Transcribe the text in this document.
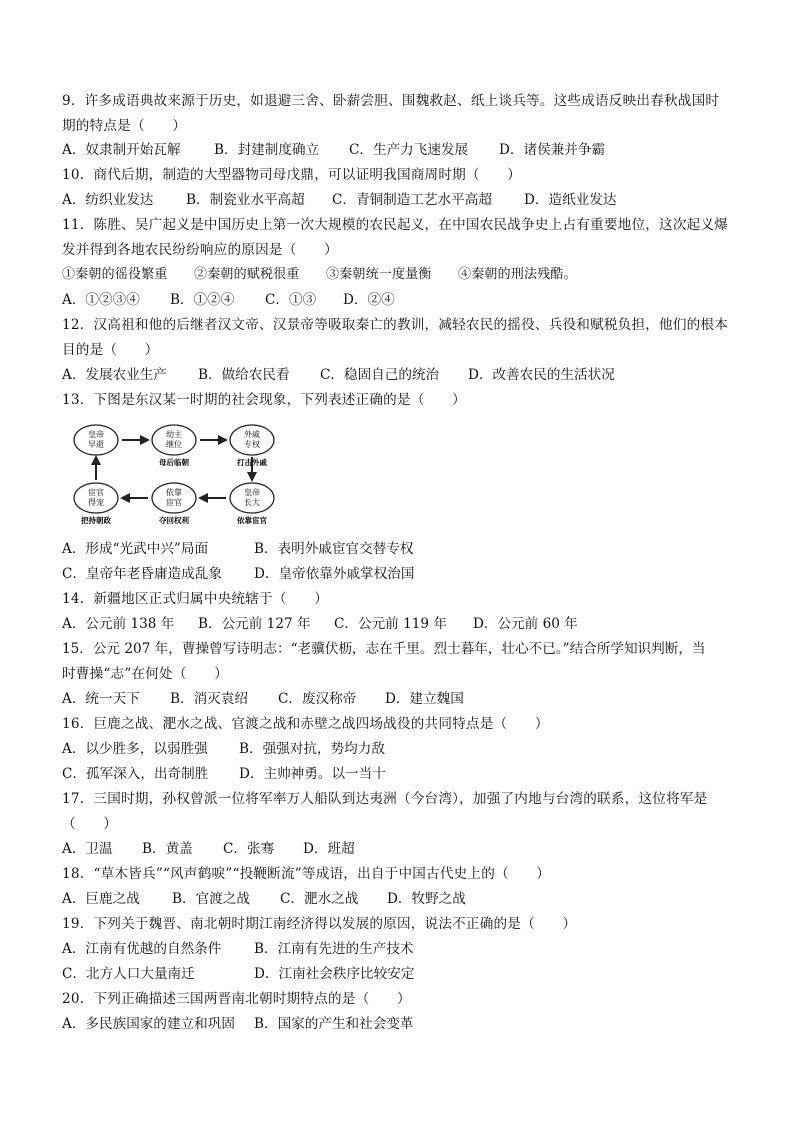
9．许多成语典故来源于历史，如退避三舍、卧薪尝胆、围魏救赵、纸上谈兵等。这些成语反映出春秋战国时
期的特点是（　　）
A．奴隶制开始瓦解 B．封建制度确立 C．生产力飞速发展 D．诸侯兼并争霸
10．商代后期，制造的大型器物司母戊鼎，可以证明我国商周时期（　　）
A．纺织业发达 B．制瓷业水平高超 C．青铜制造工艺水平高超 D．造纸业发达
11．陈胜、吴广起义是中国历史上第一次大规模的农民起义，在中国农民战争史上占有重要地位，这次起义爆
发并得到各地农民纷纷响应的原因是（　　）
①秦朝的徭役繁重　　②秦朝的赋税很重　　③秦朝统一度量衡　　④秦朝的刑法残酷。
A．①②③④ B．①②④ C．①③ D．②④
12．汉高祖和他的后继者汉文帝、汉景帝等吸取秦亡的教训，减轻农民的摇役、兵役和赋税负担，他们的根本
目的是（　　）
A．发展农业生产 B．做给农民看 C．稳固自己的统治 D．改善农民的生活状况
13．下图是东汉某一时期的社会现象，下列表述正确的是（　　）
皇帝
早逝
幼主
继位
外戚
专权
宦官
得宠
依靠
宦官
皇帝
长大
母后临朝	打击外戚
依靠宦官
夺回权利
把持朝政
A．形成“光武中兴”局面	B．表明外戚宦官交替专权
C．皇帝年老昏庸造成乱象 D．皇帝依靠外戚掌权治国
14．新疆地区正式归属中央统辖于（　　）
A．公元前 138 年 B．公元前 127 年 C．公元前 119 年 D．公元前 60 年
15．公元 207 年，曹操曾写诗明志：“老骥伏枥，志在千里。烈士暮年，壮心不已。”结合所学知识判断，当
时曹操“志”在何处（　　）
A．统一天下 B．消灭袁绍 C．废汉称帝 D．建立魏国
16．巨鹿之战、淝水之战、官渡之战和赤壁之战四场战役的共同特点是（　　）
A．以少胜多，以弱胜强 B．强强对抗，势均力敌
C．孤军深入，出奇制胜 D．主帅神勇。以一当十
17．三国时期，孙权曾派一位将军率万人船队到达夷洲（今台湾），加强了内地与台湾的联系，这位将军是
（　　）
A．卫温 B．黄盖 C．张骞 D．班超
18．“草木皆兵”“风声鹤唳”“投鞭断流”等成语，出自于中国古代史上的（　　）
A．巨鹿之战 B．官渡之战 C．淝水之战 D．牧野之战
19．下列关于魏晋、南北朝时期江南经济得以发展的原因，说法不正确的是（　　）
A．江南有优越的自然条件 B．江南有先进的生产技术
C．北方人口大量南迁	D．江南社会秩序比较安定
20．下列正确描述三国两晋南北朝时期特点的是（　　）
A．多民族国家的建立和巩固 B．国家的产生和社会变革
